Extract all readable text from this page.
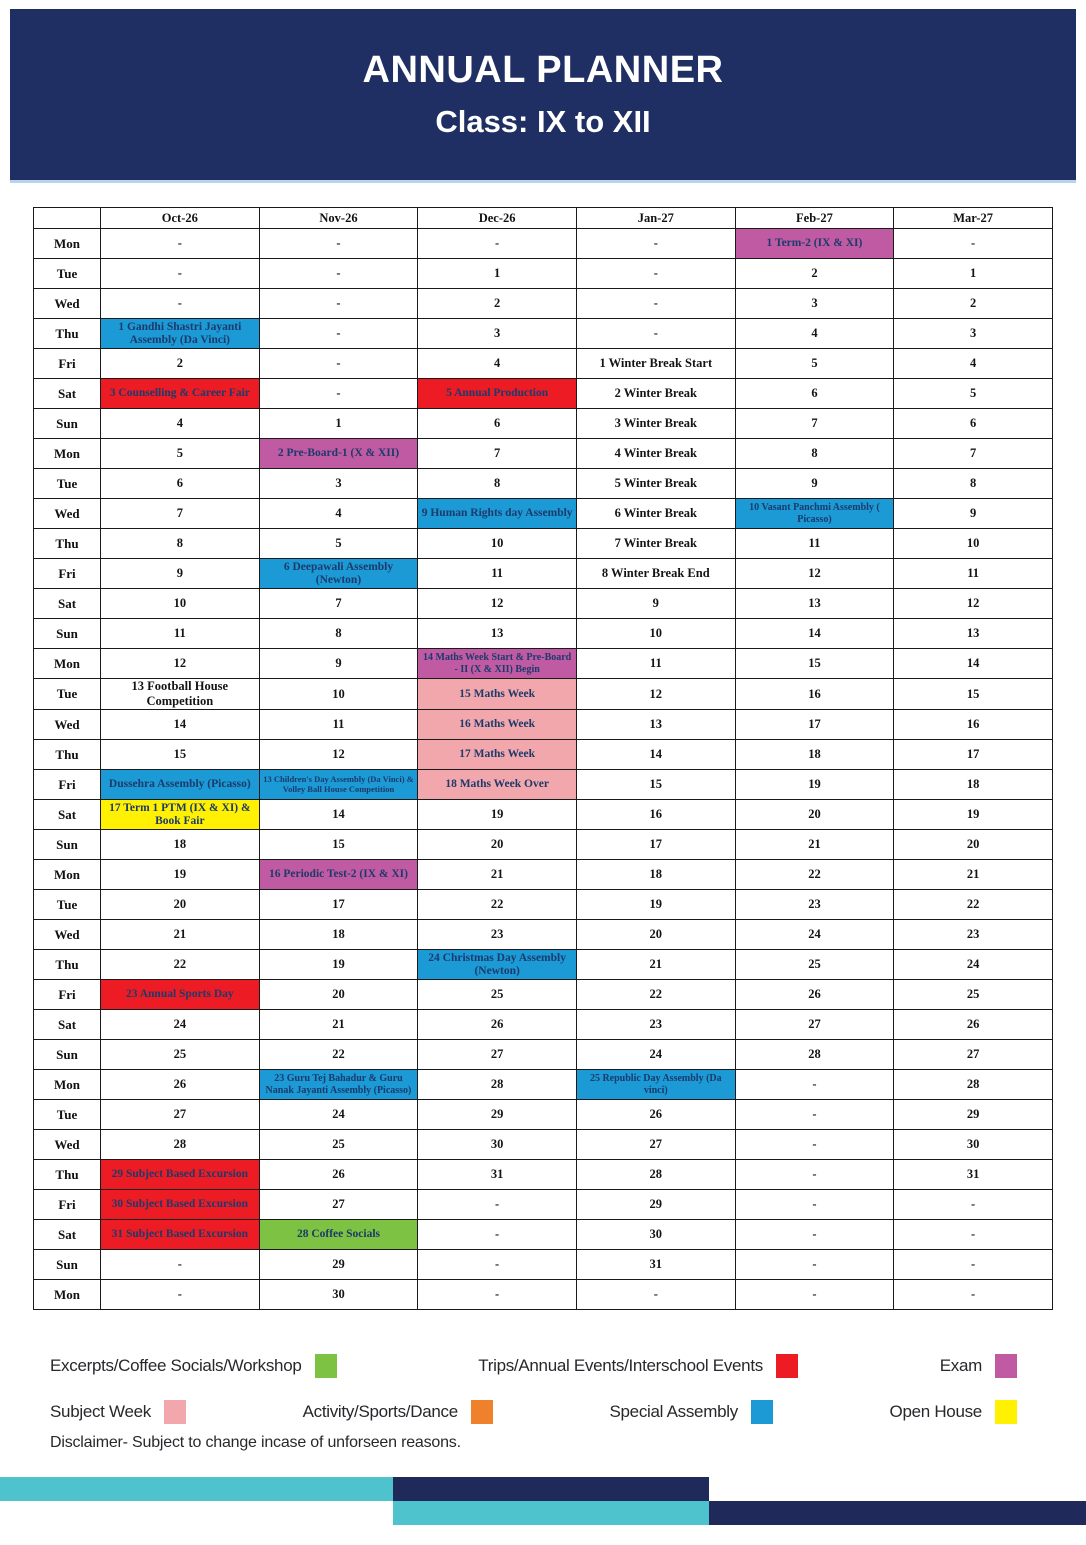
ANNUAL PLANNER
Class: IX to XII
	Oct-26	Nov-26	Dec-26	Jan-27	Feb-27	Mar-27
Mon	-	-	-	-	1 Term-2 (IX & XI)	-
Tue	-	-	1	-	2	1
Wed	-	-	2	-	3	2
Thu	1 Gandhi Shastri Jayanti Assembly (Da Vinci)	-	3	-	4	3
Fri	2	-	4	1 Winter Break Start	5	4
Sat	3 Counselling & Career Fair	-	5 Annual Production	2 Winter Break	6	5
Sun	4	1	6	3 Winter Break	7	6
Mon	5	2 Pre-Board-1 (X & XII)	7	4 Winter Break	8	7
Tue	6	3	8	5 Winter Break	9	8
Wed	7	4	9 Human Rights day Assembly	6 Winter Break	10 Vasant Panchmi Assembly ( Picasso)	9
Thu	8	5	10	7 Winter Break	11	10
Fri	9	6 Deepawali Assembly (Newton)	11	8 Winter Break End	12	11
Sat	10	7	12	9	13	12
Sun	11	8	13	10	14	13
Mon	12	9	14 Maths Week Start & Pre-Board - II (X & XII) Begin	11	15	14
Tue	13 Football House Competition	10	15 Maths Week	12	16	15
Wed	14	11	16 Maths Week	13	17	16
Thu	15	12	17 Maths Week	14	18	17
Fri	Dussehra Assembly (Picasso)	13 Children's Day Assembly (Da Vinci) & Volley Ball House Competition	18 Maths Week Over	15	19	18
Sat	17 Term 1 PTM (IX & XI) & Book Fair	14	19	16	20	19
Sun	18	15	20	17	21	20
Mon	19	16 Periodic Test-2 (IX & XI)	21	18	22	21
Tue	20	17	22	19	23	22
Wed	21	18	23	20	24	23
Thu	22	19	24 Christmas Day Assembly (Newton)	21	25	24
Fri	23 Annual Sports Day	20	25	22	26	25
Sat	24	21	26	23	27	26
Sun	25	22	27	24	28	27
Mon	26	23 Guru Tej Bahadur & Guru Nanak Jayanti Assembly (Picasso)	28	25 Republic Day Assembly (Da vinci)	-	28
Tue	27	24	29	26	-	29
Wed	28	25	30	27	-	30
Thu	29 Subject Based Excursion	26	31	28	-	31
Fri	30 Subject Based Excursion	27	-	29	-	-
Sat	31 Subject Based Excursion	28 Coffee Socials	-	30	-	-
Sun	-	29	-	31	-	-
Mon	-	30	-	-	-	-
Excerpts/Coffee Socials/Workshop	Trips/Annual Events/Interschool Events	Exam
Subject Week	Activity/Sports/Dance	Special Assembly	Open House
Disclaimer- Subject to change incase of unforseen reasons.
